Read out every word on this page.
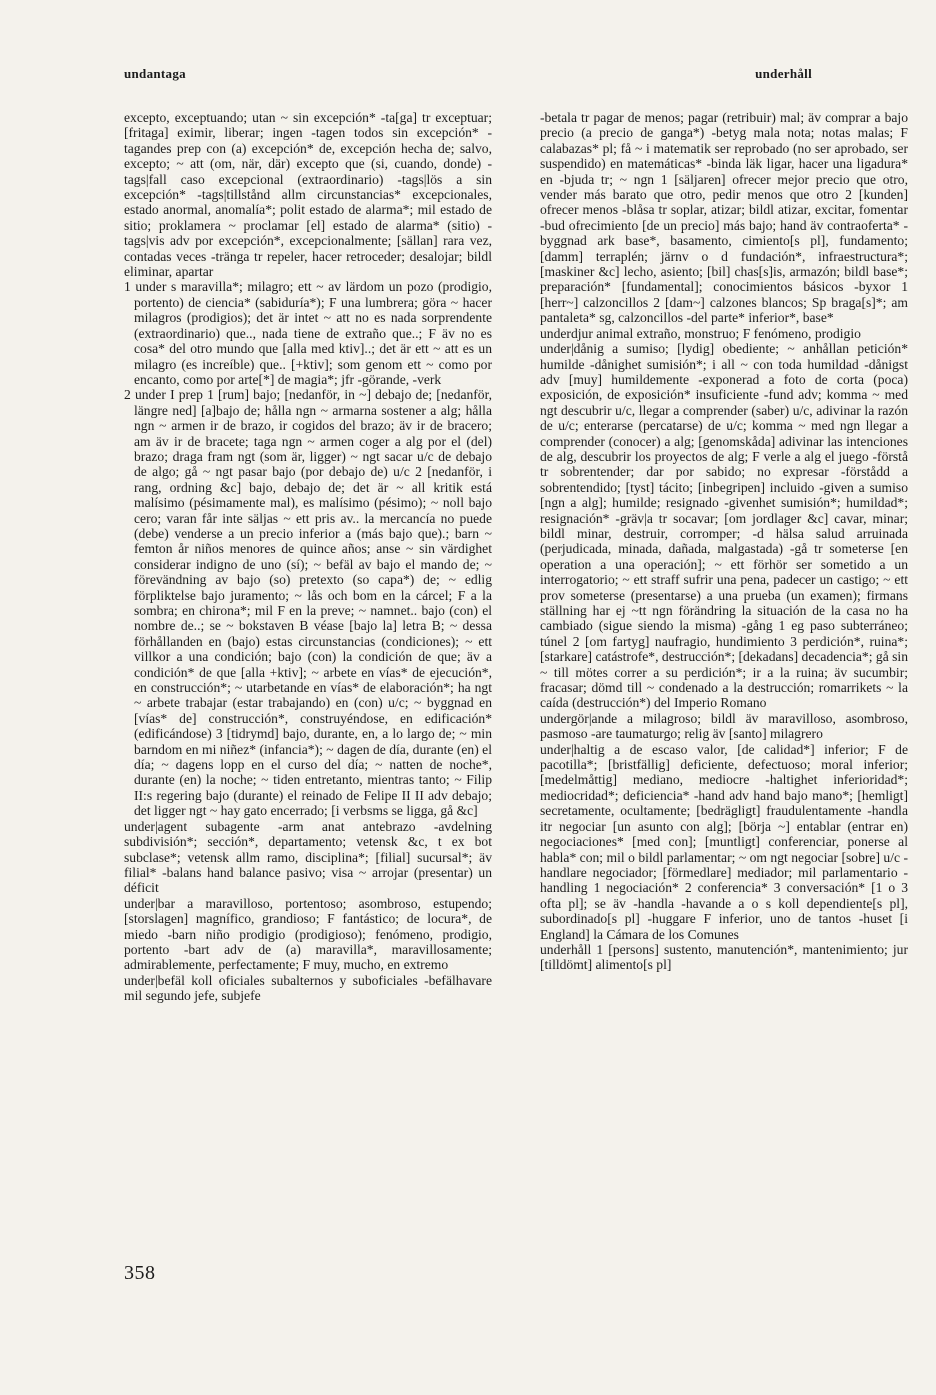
undantaga	underhåll

excepto, exceptuando; utan ~ sin excepción* -ta[ga] tr exceptuar; [fritaga] eximir, liberar; ingen -tagen todos sin excepción* -tagandes prep con (a) excepción* de, excepción hecha de; salvo, excepto; ~ att (om, när, där) excepto que (si, cuando, donde) -tags|fall caso excepcional (extraordinario) -tags|lös a sin excepción* -tags|tillstånd allm circunstancias* excepcionales, estado anormal, anomalía*; polit estado de alarma*; mil estado de sitio; proklamera ~ proclamar [el] estado de alarma* (sitio) -tags|vis adv por excepción*, excepcionalmente; [sällan] rara vez, contadas veces -tränga tr repeler, hacer retroceder; desalojar; bildl eliminar, apartar

1 under s maravilla*; milagro; ett ~ av lärdom un pozo (prodigio, portento) de ciencia* (sabiduría*); F una lumbrera; göra ~ hacer milagros (prodigios); det är intet ~ att no es nada sorprendente (extraordinario) que.., nada tiene de extraño que..; F äv no es cosa* del otro mundo que [alla med ktiv]..; det är ett ~ att es un milagro (es increíble) que.. [+ktiv]; som genom ett ~ como por encanto, como por arte[*] de magia*; jfr -görande, -verk

2 under I prep 1 [rum] bajo; [nedanför, in ~] debajo de; [nedanför, längre ned] [a]bajo de; hålla ngn ~ armarna sostener a alg; hålla ngn ~ armen ir de brazo, ir cogidos del brazo; äv ir de bracero; am äv ir de bracete; taga ngn ~ armen coger a alg por el (del) brazo; draga fram ngt (som är, ligger) ~ ngt sacar u/c de debajo de algo; gå ~ ngt pasar bajo (por debajo de) u/c 2 [nedanför, i rang, ordning &c] bajo, debajo de; det är ~ all kritik está malísimo (pésimamente mal), es malísimo (pésimo); ~ noll bajo cero; varan får inte säljas ~ ett pris av.. la mercancía no puede (debe) venderse a un precio inferior a (más bajo que).; barn ~ femton år niños menores de quince años; anse ~ sin värdighet considerar indigno de uno (sí); ~ befäl av bajo el mando de; ~ förevändning av bajo (so) pretexto (so capa*) de; ~ edlig förpliktelse bajo juramento; ~ lås och bom en la cárcel; F a la sombra; en chirona*; mil F en la preve; ~ namnet.. bajo (con) el nombre de..; se ~ bokstaven B véase [bajo la] letra B; ~ dessa förhållanden en (bajo) estas circunstancias (condiciones); ~ ett villkor a una condición; bajo (con) la condición de que; äv a condición* de que [alla +ktiv]; ~ arbete en vías* de ejecución*, en construcción*; ~ utarbetande en vías* de elaboración*; ha ngt ~ arbete trabajar (estar trabajando) en (con) u/c; ~ byggnad en [vías* de] construcción*, construyéndose, en edificación* (edificándose) 3 [tidrymd] bajo, durante, en, a lo largo de; ~ min barndom en mi niñez* (infancia*); ~ dagen de día, durante (en) el día; ~ dagens lopp en el curso del día; ~ natten de noche*, durante (en) la noche; ~ tiden entretanto, mientras tanto; ~ Filip II:s regering bajo (durante) el reinado de Felipe II II adv debajo; det ligger ngt ~ hay gato encerrado; [i verbsms se ligga, gå &c]

under|agent subagente -arm anat antebrazo -avdelning subdivisión*; sección*, departamento; vetensk &c, t ex bot subclase*; vetensk allm ramo, disciplina*; [filial] sucursal*; äv filial* -balans hand balance pasivo; visa ~ arrojar (presentar) un déficit

under|bar a maravilloso, portentoso; asombroso, estupendo; [storslagen] magnífico, grandioso; F fantástico; de locura*, de miedo -barn niño prodigio (prodigioso); fenómeno, prodigio, portento -bart adv de (a) maravilla*, maravillosamente; admirablemente, perfectamente; F muy, mucho, en extremo

under|befäl koll oficiales subalternos y suboficiales -befälhavare mil segundo jefe, subjefe

-betala tr pagar de menos; pagar (retribuir) mal; äv comprar a bajo precio (a precio de ganga*) -betyg mala nota; notas malas; F calabazas* pl; få ~ i matematik ser reprobado (no ser aprobado, ser suspendido) en matemáticas* -binda läk ligar, hacer una ligadura* en -bjuda tr; ~ ngn 1 [säljaren] ofrecer mejor precio que otro, vender más barato que otro, pedir menos que otro 2 [kunden] ofrecer menos -blåsa tr soplar, atizar; bildl atizar, excitar, fomentar -bud ofrecimiento [de un precio] más bajo; hand äv contraoferta* -byggnad ark base*, basamento, cimiento[s pl], fundamento; [damm] terraplén; järnv o d fundación*, infraestructura*; [maskiner &c] lecho, asiento; [bil] chas[s]is, armazón; bildl base*; preparación* [fundamental]; conocimientos básicos -byxor 1 [herr~] calzoncillos 2 [dam~] calzones blancos; Sp braga[s]*; am pantaleta* sg, calzoncillos -del parte* inferior*, base*

underdjur animal extraño, monstruo; F fenómeno, prodigio

under|dånig a sumiso; [lydig] obediente; ~ anhållan petición* humilde -dånighet sumisión*; i all ~ con toda humildad -dånigst adv [muy] humildemente -exponerad a foto de corta (poca) exposición, de exposición* insuficiente -fund adv; komma ~ med ngt descubrir u/c, llegar a comprender (saber) u/c, adivinar la razón de u/c; enterarse (percatarse) de u/c; komma ~ med ngn llegar a comprender (conocer) a alg; [genomskåda] adivinar las intenciones de alg, descubrir los proyectos de alg; F verle a alg el juego -förstå tr sobrentender; dar por sabido; no expresar -förstådd a sobrentendido; [tyst] tácito; [inbegripen] incluido -given a sumiso [ngn a alg]; humilde; resignado -givenhet sumisión*; humildad*; resignación* -gräv|a tr socavar; [om jordlager &c] cavar, minar; bildl minar, destruir, corromper; -d hälsa salud arruinada (perjudicada, minada, dañada, malgastada) -gå tr someterse [en operation a una operación]; ~ ett förhör ser sometido a un interrogatorio; ~ ett straff sufrir una pena, padecer un castigo; ~ ett prov someterse (presentarse) a una prueba (un examen); firmans ställning har ej ~tt ngn förändring la situación de la casa no ha cambiado (sigue siendo la misma) -gång 1 eg paso subterráneo; túnel 2 [om fartyg] naufragio, hundimiento 3 perdición*, ruina*; [starkare] catástrofe*, destrucción*; [dekadans] decadencia*; gå sin ~ till mötes correr a su perdición*; ir a la ruina; äv sucumbir; fracasar; dömd till ~ condenado a la destrucción; romarrikets ~ la caída (destrucción*) del Imperio Romano

undergör|ande a milagroso; bildl äv maravilloso, asombroso, pasmoso -are taumaturgo; relig äv [santo] milagrero

under|haltig a de escaso valor, [de calidad*] inferior; F de pacotilla*; [bristfällig] deficiente, defectuoso; moral inferior; [medelmåttig] mediano, mediocre -haltighet inferioridad*; mediocridad*; deficiencia* -hand adv hand bajo mano*; [hemligt] secretamente, ocultamente; [bedrägligt] fraudulentamente -handla itr negociar [un asunto con alg]; [börja ~] entablar (entrar en) negociaciones* [med con]; [muntligt] conferenciar, ponerse al habla* con; mil o bildl parlamentar; ~ om ngt negociar [sobre] u/c -handlare negociador; [förmedlare] mediador; mil parlamentario -handling 1 negociación* 2 conferencia* 3 conversación* [1 o 3 ofta pl]; se äv -handla -havande a o s koll dependiente[s pl], subordinado[s pl] -huggare F inferior, uno de tantos -huset [i England] la Cámara de los Comunes

underhåll 1 [persons] sustento, manutención*, mantenimiento; jur [tilldömt] alimento[s pl]

358
